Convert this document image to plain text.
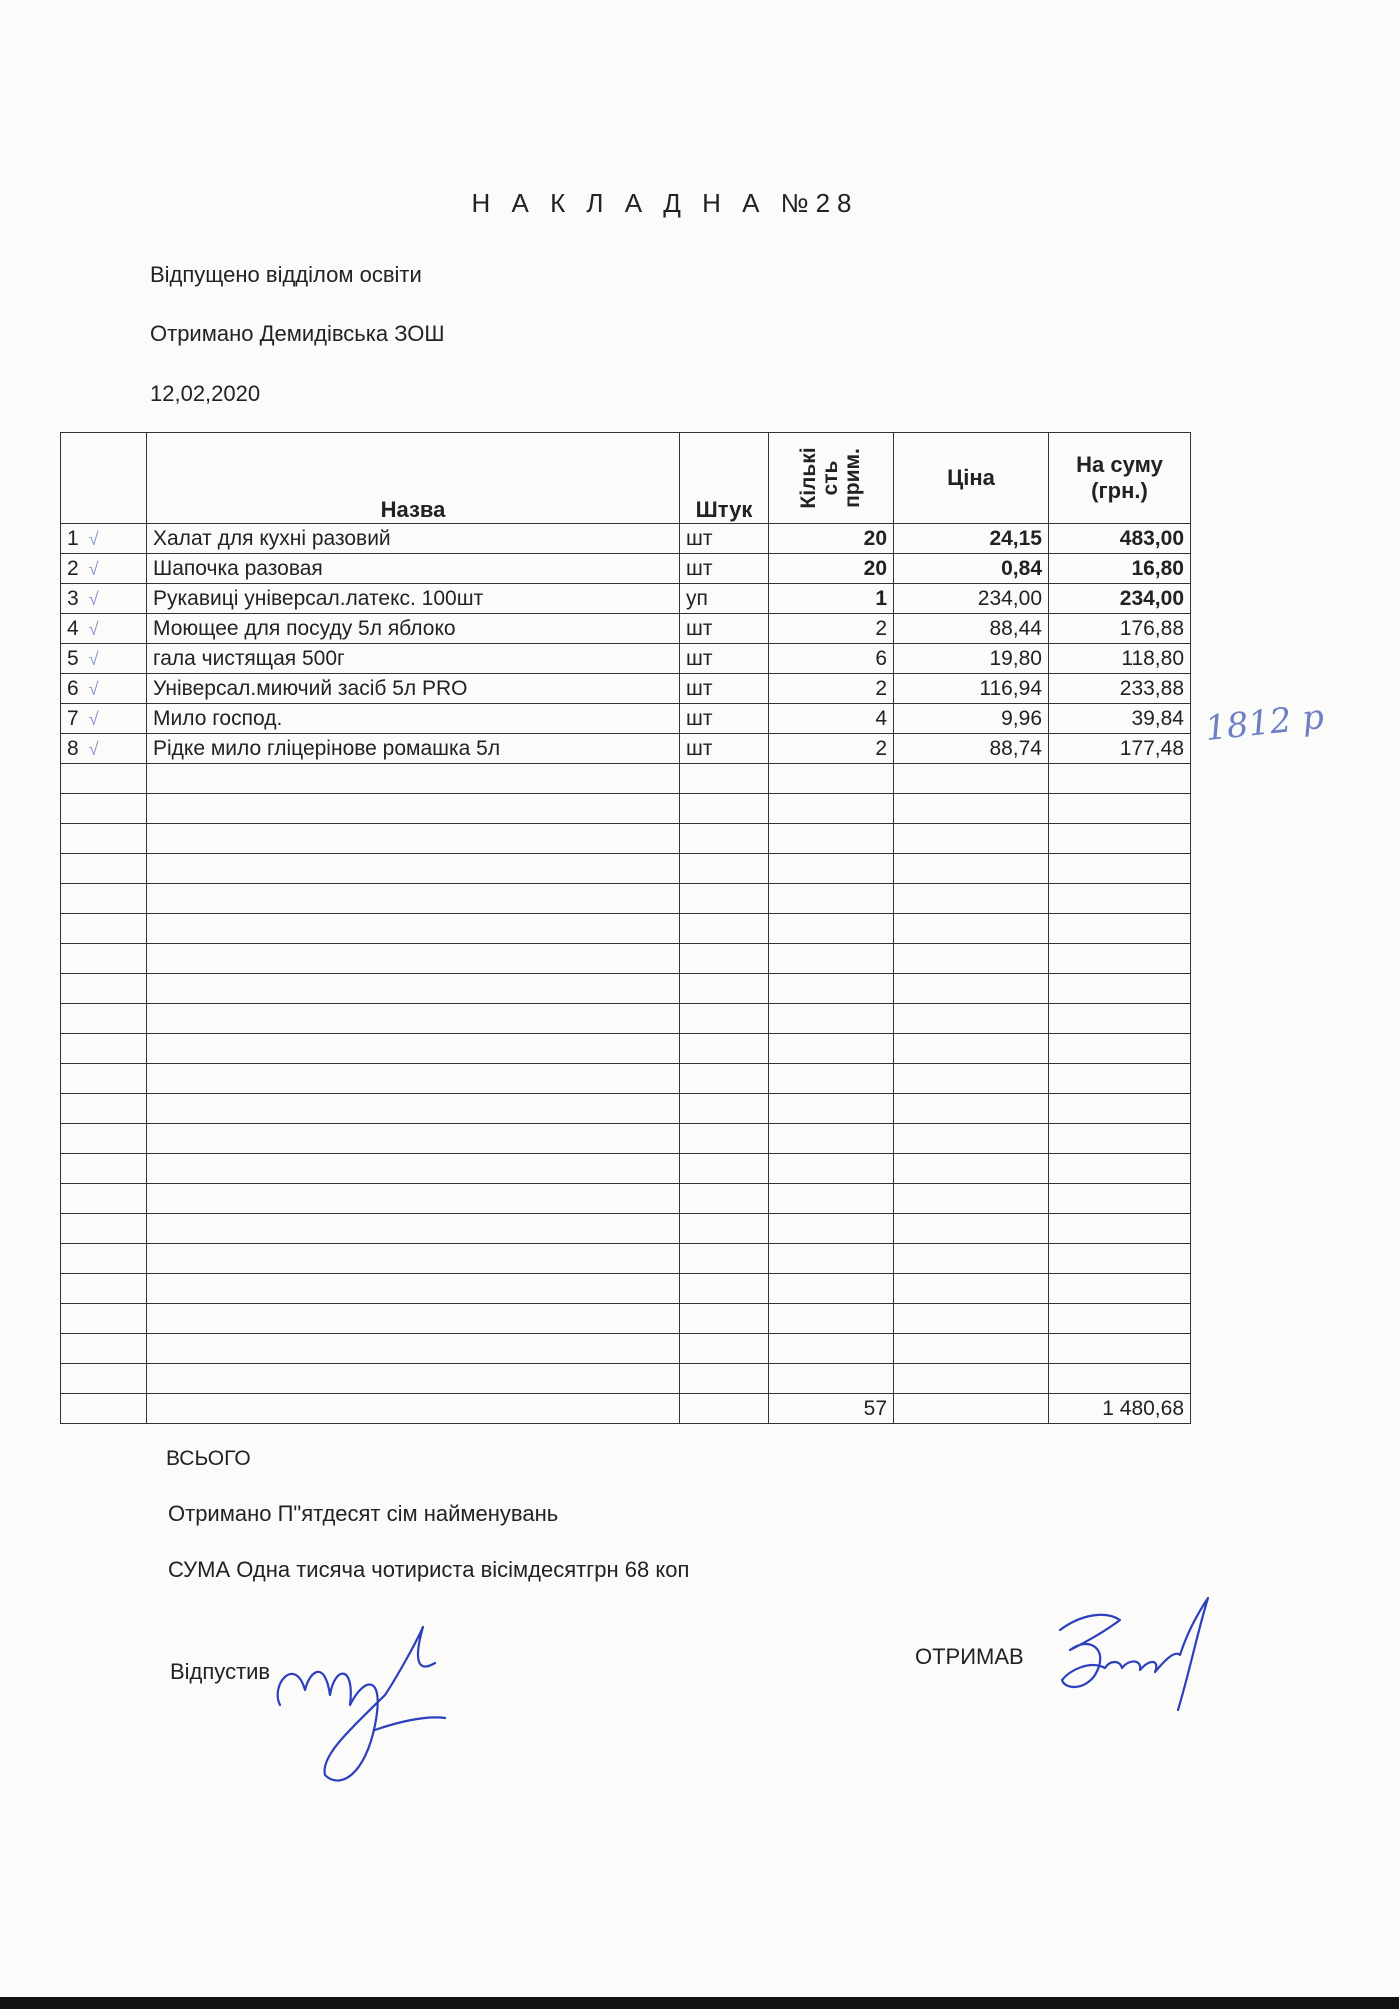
Н А К Л А Д Н А №28
Відпущено відділом освіти
Отримано Демидівська ЗОШ
12,02,2020
	Назва	Штук	Кількі сть прим.	Ціна	На суму (грн.)
1 √	Халат для кухні разовий	шт	20	24,15	483,00
2 √	Шапочка разовая	шт	20	0,84	16,80
3 √	Рукавиці універсал.латекс. 100шт	уп	1	234,00	234,00
4 √	Моющее для посуду 5л яблоко	шт	2	88,44	176,88
5 √	гала чистящая 500г	шт	6	19,80	118,80
6 √	Універсал.миючий засіб 5л PRO	шт	2	116,94	233,88
7 √	Мило господ.	шт	4	9,96	39,84
8 √	Рідке мило гліцерінове ромашка 5л	шт	2	88,74	177,48

			57		1 480,68
ВСЬОГО
1812 р
Отримано П"ятдесят сім найменувань
СУМА Одна тисяча чотириста вісімдесятгрн 68 коп
Відпустив
ОТРИМАВ
